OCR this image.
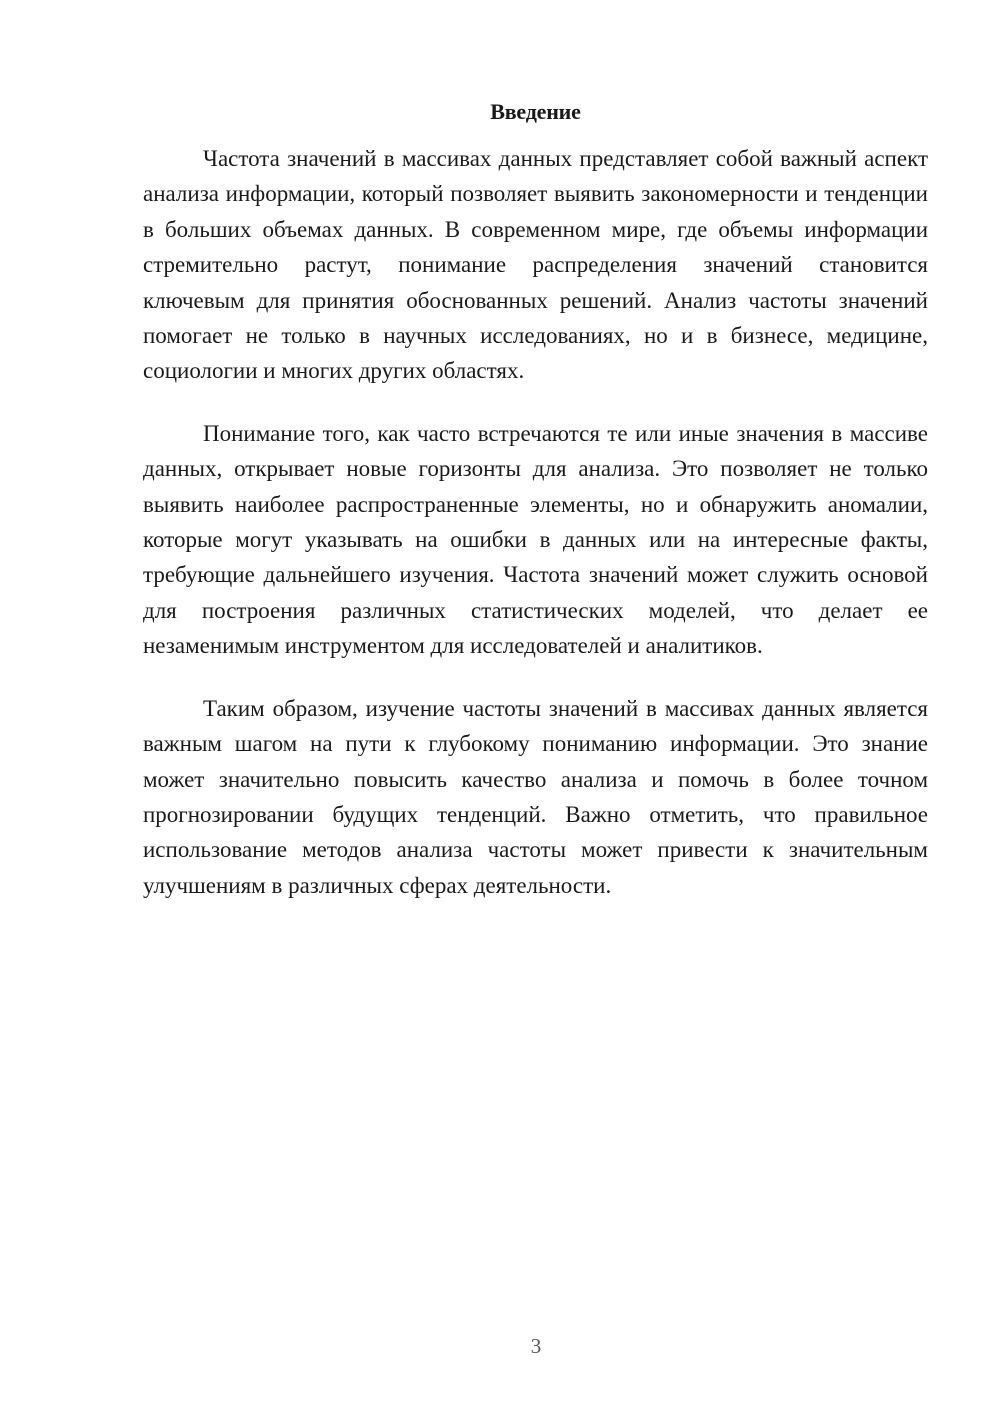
Введение

Частота значений в массивах данных представляет собой важный аспект анализа информации, который позволяет выявить закономерности и тенденции в больших объемах данных. В современном мире, где объемы информации стремительно растут, понимание распределения значений становится ключевым для принятия обоснованных решений. Анализ частоты значений помогает не только в научных исследованиях, но и в бизнесе, медицине, социологии и многих других областях.

Понимание того, как часто встречаются те или иные значения в массиве данных, открывает новые горизонты для анализа. Это позволяет не только выявить наиболее распространенные элементы, но и обнаружить аномалии, которые могут указывать на ошибки в данных или на интересные факты, требующие дальнейшего изучения. Частота значений может служить основой для построения различных статистических моделей, что делает ее незаменимым инструментом для исследователей и аналитиков.

Таким образом, изучение частоты значений в массивах данных является важным шагом на пути к глубокому пониманию информации. Это знание может значительно повысить качество анализа и помочь в более точном прогнозировании будущих тенденций. Важно отметить, что правильное использование методов анализа частоты может привести к значительным улучшениям в различных сферах деятельности.

3
